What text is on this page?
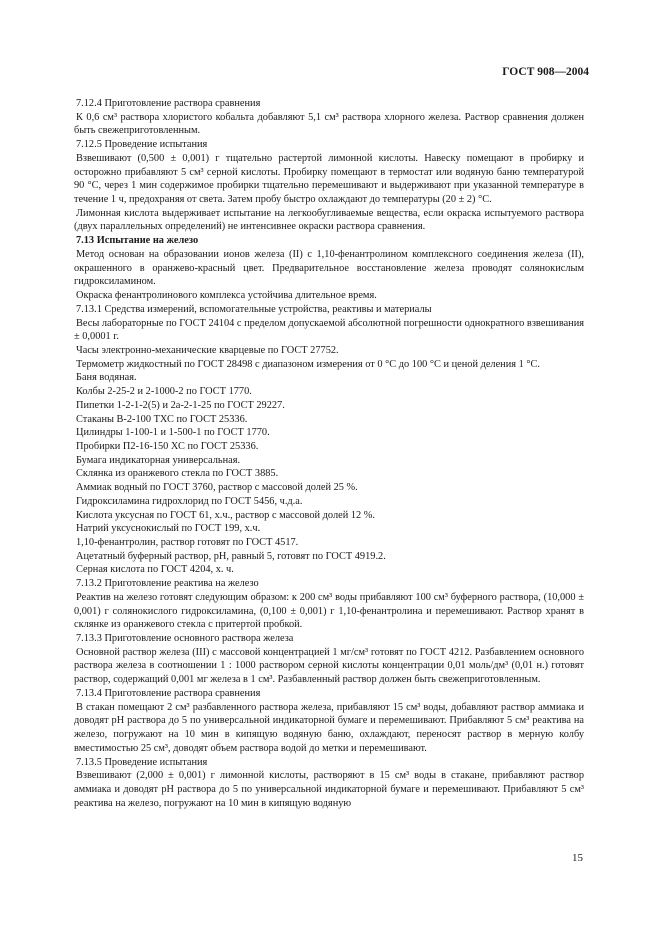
ГОСТ 908—2004

7.12.4 Приготовление раствора сравнения

К 0,6 см³ раствора хлористого кобальта добавляют 5,1 см³ раствора хлорного железа. Раствор сравнения должен быть свежеприготовленным.

7.12.5 Проведение испытания

Взвешивают (0,500 ± 0,001) г тщательно растертой лимонной кислоты. Навеску помещают в пробирку и осторожно прибавляют 5 см³ серной кислоты. Пробирку помещают в термостат или водяную баню температурой 90 °С, через 1 мин содержимое пробирки тщательно перемешивают и выдерживают при указанной температуре в течение 1 ч, предохраняя от света. Затем пробу быстро охлаждают до температуры (20 ± 2) °С.

Лимонная кислота выдерживает испытание на легкообугливаемые вещества, если окраска испытуемого раствора (двух параллельных определений) не интенсивнее окраски раствора сравнения.

7.13 Испытание на железо

Метод основан на образовании ионов железа (II) с 1,10-фенантролином комплексного соединения железа (II), окрашенного в оранжево-красный цвет. Предварительное восстановление железа проводят солянокислым гидроксиламином.

Окраска фенантролинового комплекса устойчива длительное время.

7.13.1 Средства измерений, вспомогательные устройства, реактивы и материалы

Весы лабораторные по ГОСТ 24104 с пределом допускаемой абсолютной погрешности однократного взвешивания ± 0,0001 г.

Часы электронно-механические кварцевые по ГОСТ 27752.

Термометр жидкостный по ГОСТ 28498 с диапазоном измерения от 0 °С до 100 °С и ценой деления 1 °С.

Баня водяная.

Колбы 2-25-2 и 2-1000-2 по ГОСТ 1770.

Пипетки 1-2-1-2(5) и 2а-2-1-25 по ГОСТ 29227.

Стаканы В-2-100 ТХС по ГОСТ 25336.

Цилиндры 1-100-1 и 1-500-1 по ГОСТ 1770.

Пробирки П2-16-150 ХС по ГОСТ 25336.

Бумага индикаторная универсальная.

Склянка из оранжевого стекла по ГОСТ 3885.

Аммиак водный по ГОСТ 3760, раствор с массовой долей 25 %.

Гидроксиламина гидрохлорид по ГОСТ 5456, ч.д.а.

Кислота уксусная по ГОСТ 61, х.ч., раствор с массовой долей 12 %.

Натрий уксуснокислый по ГОСТ 199, х.ч.

1,10-фенантролин, раствор готовят по ГОСТ 4517.

Ацетатный буферный раствор, pH, равный 5, готовят по ГОСТ 4919.2.

Серная кислота по ГОСТ 4204, х. ч.

7.13.2 Приготовление реактива на железо

Реактив на железо готовят следующим образом: к 200 см³ воды прибавляют 100 см³ буферного раствора, (10,000 ± 0,001) г солянокислого гидроксиламина, (0,100 ± 0,001) г 1,10-фенантролина и перемешивают. Раствор хранят в склянке из оранжевого стекла с притертой пробкой.

7.13.3 Приготовление основного раствора железа

Основной раствор железа (III) с массовой концентрацией 1 мг/см³ готовят по ГОСТ 4212. Разбавлением основного раствора железа в соотношении 1 : 1000 раствором серной кислоты концентрации 0,01 моль/дм³ (0,01 н.) готовят раствор, содержащий 0,001 мг железа в 1 см³. Разбавленный раствор должен быть свежеприготовленным.

7.13.4 Приготовление раствора сравнения

В стакан помещают 2 см³ разбавленного раствора железа, прибавляют 15 см³ воды, добавляют раствор аммиака и доводят pH раствора до 5 по универсальной индикаторной бумаге и перемешивают. Прибавляют 5 см³ реактива на железо, погружают на 10 мин в кипящую водяную баню, охлаждают, переносят раствор в мерную колбу вместимостью 25 см³, доводят объем раствора водой до метки и перемешивают.

7.13.5 Проведение испытания

Взвешивают (2,000 ± 0,001) г лимонной кислоты, растворяют в 15 см³ воды в стакане, прибавляют раствор аммиака и доводят pH раствора до 5 по универсальной индикаторной бумаге и перемешивают. Прибавляют 5 см³ реактива на железо, погружают на 10 мин в кипящую водяную

15
